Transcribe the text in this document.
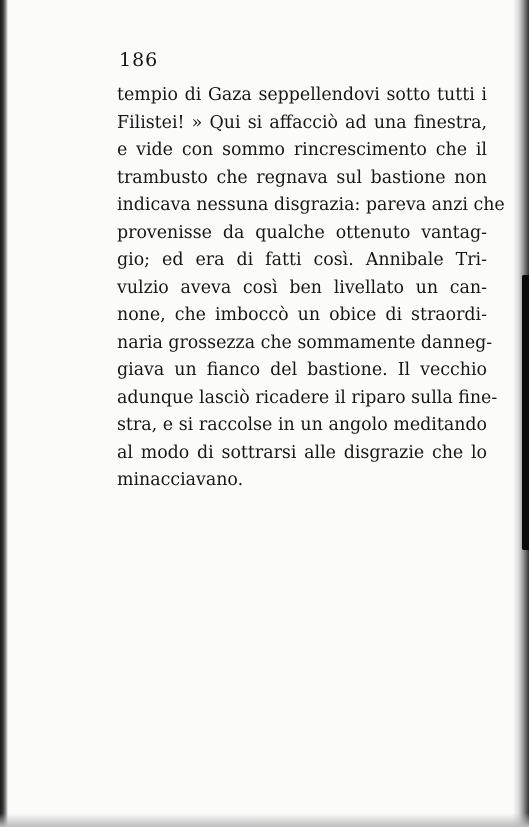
186
tempio di Gaza seppellendovi sotto tutti i
Filistei! » Qui si affacciò ad una finestra,
e vide con sommo rincrescimento che il
trambusto che regnava sul bastione non
indicava nessuna disgrazia: pareva anzi che
provenisse da qualche ottenuto vantag-
gio; ed era di fatti così. Annibale Tri-
vulzio aveva così ben livellato un can-
none, che imboccò un obice di straordi-
naria grossezza che sommamente danneg-
giava un fianco del bastione. Il vecchio
adunque lasciò ricadere il riparo sulla fine-
stra, e si raccolse in un angolo meditando
al modo di sottrarsi alle disgrazie che lo
minacciavano.
